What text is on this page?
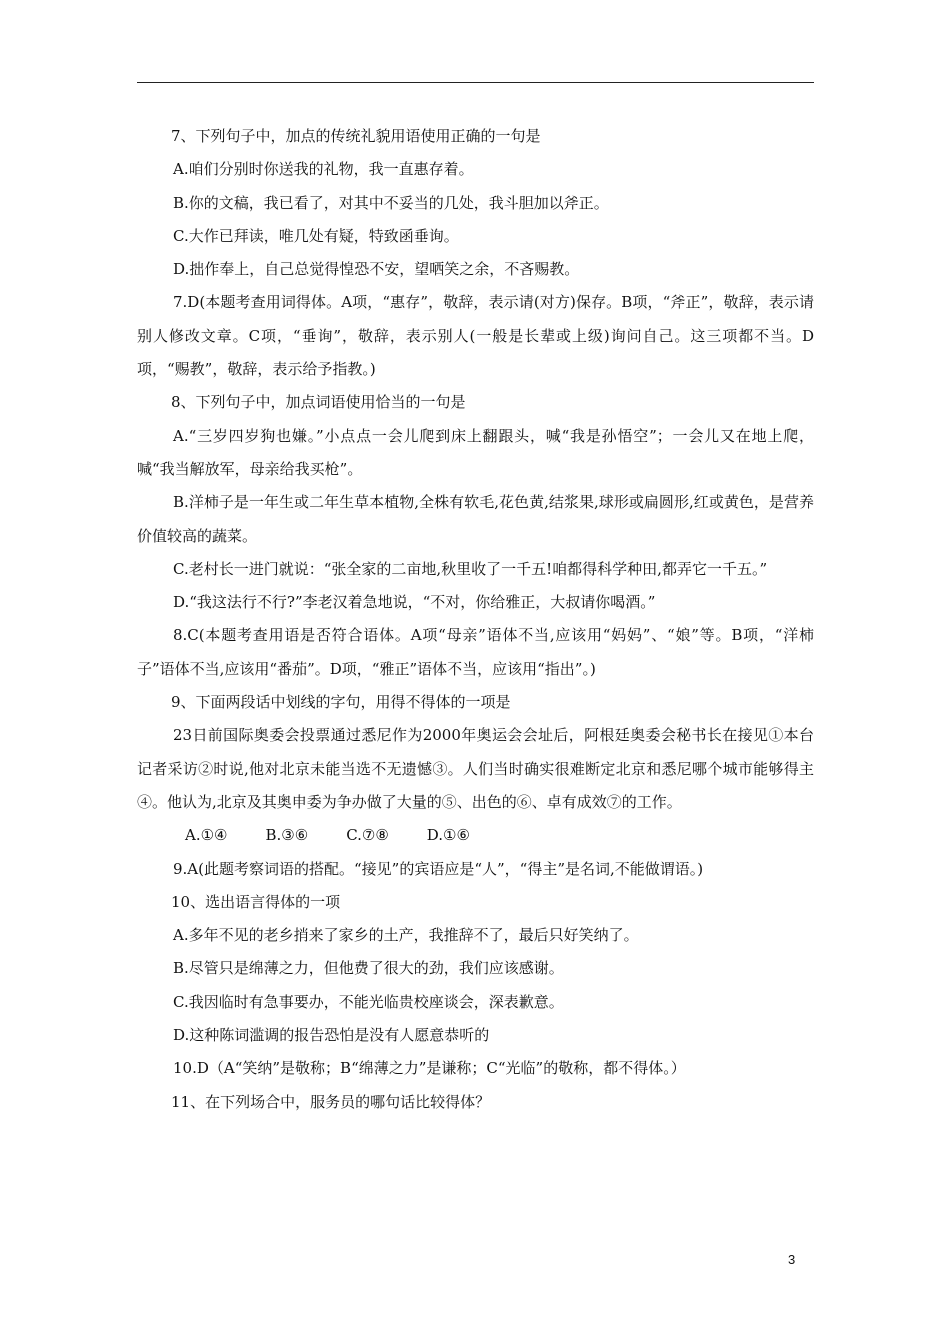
7、下列句子中，加点的传统礼貌用语使用正确的一句是

A.咱们分别时你送我的礼物，我一直惠存着。

B.你的文稿，我已看了，对其中不妥当的几处，我斗胆加以斧正。

C.大作已拜读，唯几处有疑，特致函垂询。

D.拙作奉上，自己总觉得惶恐不安，望哂笑之余，不吝赐教。

7.D(本题考查用词得体。A项，“惠存”，敬辞，表示请(对方)保存。B项，“斧正”，敬辞，表示请别人修改文章。C项，“垂询”，敬辞，表示别人(一般是长辈或上级)询问自己。这三项都不当。D项，“赐教”，敬辞，表示给予指教。)

8、下列句子中，加点词语使用恰当的一句是

A.“三岁四岁狗也嫌。”小点点一会儿爬到床上翻跟头，喊“我是孙悟空”；一会儿又在地上爬，喊“我当解放军，母亲给我买枪”。

B.洋柿子是一年生或二年生草本植物,全株有软毛,花色黄,结浆果,球形或扁圆形,红或黄色，是营养价值较高的蔬菜。

C.老村长一进门就说：“张全家的二亩地,秋里收了一千五!咱都得科学种田,都弄它一千五。”

D.“我这法行不行?”李老汉着急地说，“不对，你给雅正，大叔请你喝酒。”

8.C(本题考查用语是否符合语体。A项“母亲”语体不当,应该用“妈妈”、“娘”等。B项，“洋柿子”语体不当,应该用“番茄”。D项，“雅正”语体不当，应该用“指出”。)

9、下面两段话中划线的字句，用得不得体的一项是

23日前国际奥委会投票通过悉尼作为2000年奥运会会址后，阿根廷奥委会秘书长在接见①本台记者采访②时说,他对北京未能当选不无遗憾③。人们当时确实很难断定北京和悉尼哪个城市能够得主④。他认为,北京及其奥申委为争办做了大量的⑤、出色的⑥、卓有成效⑦的工作。

A.①④	B.③⑥	C.⑦⑧	D.①⑥

9.A(此题考察词语的搭配。“接见”的宾语应是“人”，“得主”是名词,不能做谓语。)

10、选出语言得体的一项

A.多年不见的老乡捎来了家乡的土产，我推辞不了，最后只好笑纳了。

B.尽管只是绵薄之力，但他费了很大的劲，我们应该感谢。

C.我因临时有急事要办，不能光临贵校座谈会，深表歉意。

D.这种陈词滥调的报告恐怕是没有人愿意恭听的

10.D（A“笑纳”是敬称；B“绵薄之力”是谦称；C“光临”的敬称，都不得体。）

11、在下列场合中，服务员的哪句话比较得体？

3
